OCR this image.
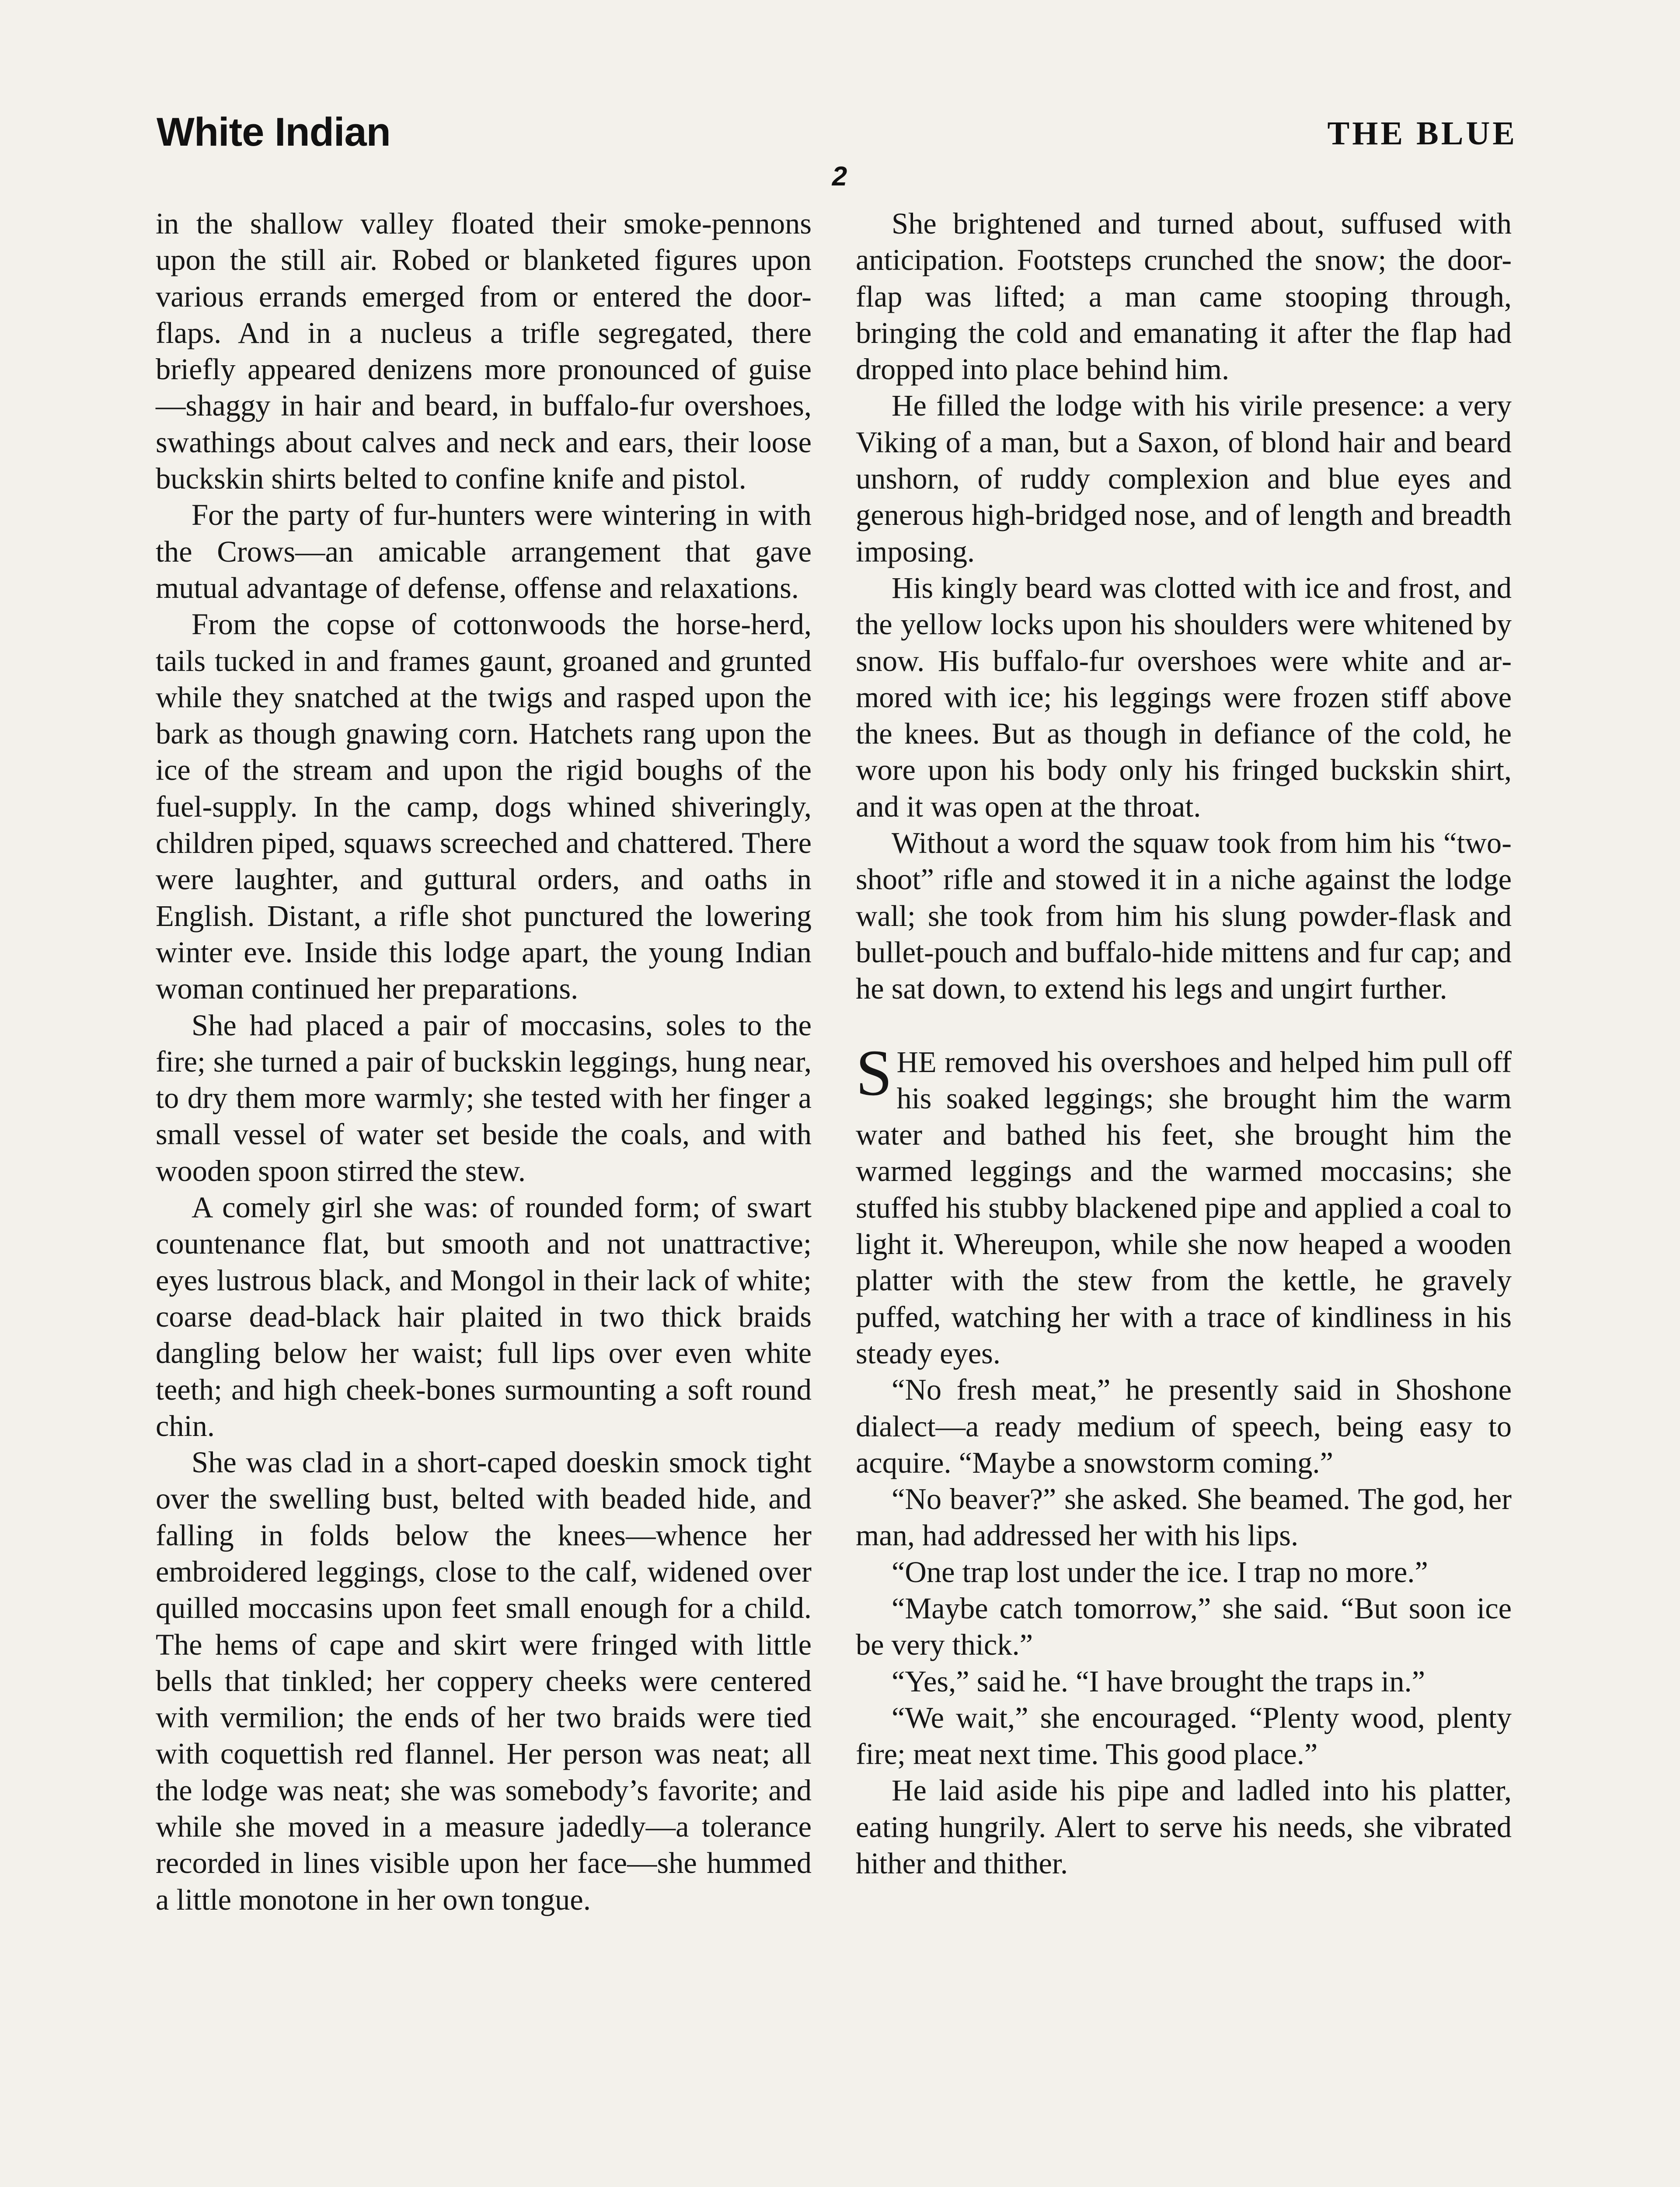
White Indian	THE BLUE
2

in the shallow valley floated their smoke-pennons upon the still air. Robed or blanketed figures upon various errands emerged from or entered the door-flaps. And in a nucleus a trifle segregated, there briefly appeared denizens more pronounced of guise—shaggy in hair and beard, in buffalo-fur overshoes, swathings about calves and neck and ears, their loose buckskin shirts belted to confine knife and pistol.

For the party of fur-hunters were wintering in with the Crows—an amicable arrangement that gave mutual advantage of defense, offense and relaxations.

From the copse of cottonwoods the horse-herd, tails tucked in and frames gaunt, groaned and grunted while they snatched at the twigs and rasped upon the bark as though gnawing corn. Hatchets rang upon the ice of the stream and upon the rigid boughs of the fuel-supply. In the camp, dogs whined shiveringly, children piped, squaws screeched and chattered. There were laughter, and guttural orders, and oaths in English. Distant, a rifle shot punctured the lowering winter eve. Inside this lodge apart, the young Indian woman continued her preparations.

She had placed a pair of moccasins, soles to the fire; she turned a pair of buckskin leggings, hung near, to dry them more warmly; she tested with her finger a small vessel of water set beside the coals, and with wooden spoon stirred the stew.

A comely girl she was: of rounded form; of swart countenance flat, but smooth and not unattractive; eyes lustrous black, and Mongol in their lack of white; coarse dead-black hair plaited in two thick braids dangling below her waist; full lips over even white teeth; and high cheek-bones surmounting a soft round chin.

She was clad in a short-caped doeskin smock tight over the swelling bust, belted with beaded hide, and falling in folds below the knees—whence her embroidered leggings, close to the calf, widened over quilled moccasins upon feet small enough for a child. The hems of cape and skirt were fringed with little bells that tinkled; her coppery cheeks were centered with vermilion; the ends of her two braids were tied with coquettish red flannel. Her person was neat; all the lodge was neat; she was somebody’s favorite; and while she moved in a measure jadedly—a tolerance recorded in lines visible upon her face—she hummed a little monotone in her own tongue.

She brightened and turned about, suffused with anticipation. Footsteps crunched the snow; the door-flap was lifted; a man came stooping through, bringing the cold and emanating it after the flap had dropped into place behind him.

He filled the lodge with his virile presence: a very Viking of a man, but a Saxon, of blond hair and beard unshorn, of ruddy complexion and blue eyes and generous high-bridged nose, and of length and breadth imposing.

His kingly beard was clotted with ice and frost, and the yellow locks upon his shoulders were whitened by snow. His buffalo-fur overshoes were white and armored with ice; his leggings were frozen stiff above the knees. But as though in defiance of the cold, he wore upon his body only his fringed buckskin shirt, and it was open at the throat.

Without a word the squaw took from him his “two-shoot” rifle and stowed it in a niche against the lodge wall; she took from him his slung powder-flask and bullet-pouch and buffalo-hide mittens and fur cap; and he sat down, to extend his legs and ungirt further.

SHE removed his overshoes and helped him pull off his soaked leggings; she brought him the warm water and bathed his feet, she brought him the warmed leggings and the warmed moccasins; she stuffed his stubby blackened pipe and applied a coal to light it. Whereupon, while she now heaped a wooden platter with the stew from the kettle, he gravely puffed, watching her with a trace of kindliness in his steady eyes.

“No fresh meat,” he presently said in Shoshone dialect—a ready medium of speech, being easy to acquire. “Maybe a snowstorm coming.”

“No beaver?” she asked. She beamed. The god, her man, had addressed her with his lips.

“One trap lost under the ice. I trap no more.”

“Maybe catch tomorrow,” she said. “But soon ice be very thick.”

“Yes,” said he. “I have brought the traps in.”

“We wait,” she encouraged. “Plenty wood, plenty fire; meat next time. This good place.”

He laid aside his pipe and ladled into his platter, eating hungrily. Alert to serve his needs, she vibrated hither and thither.
